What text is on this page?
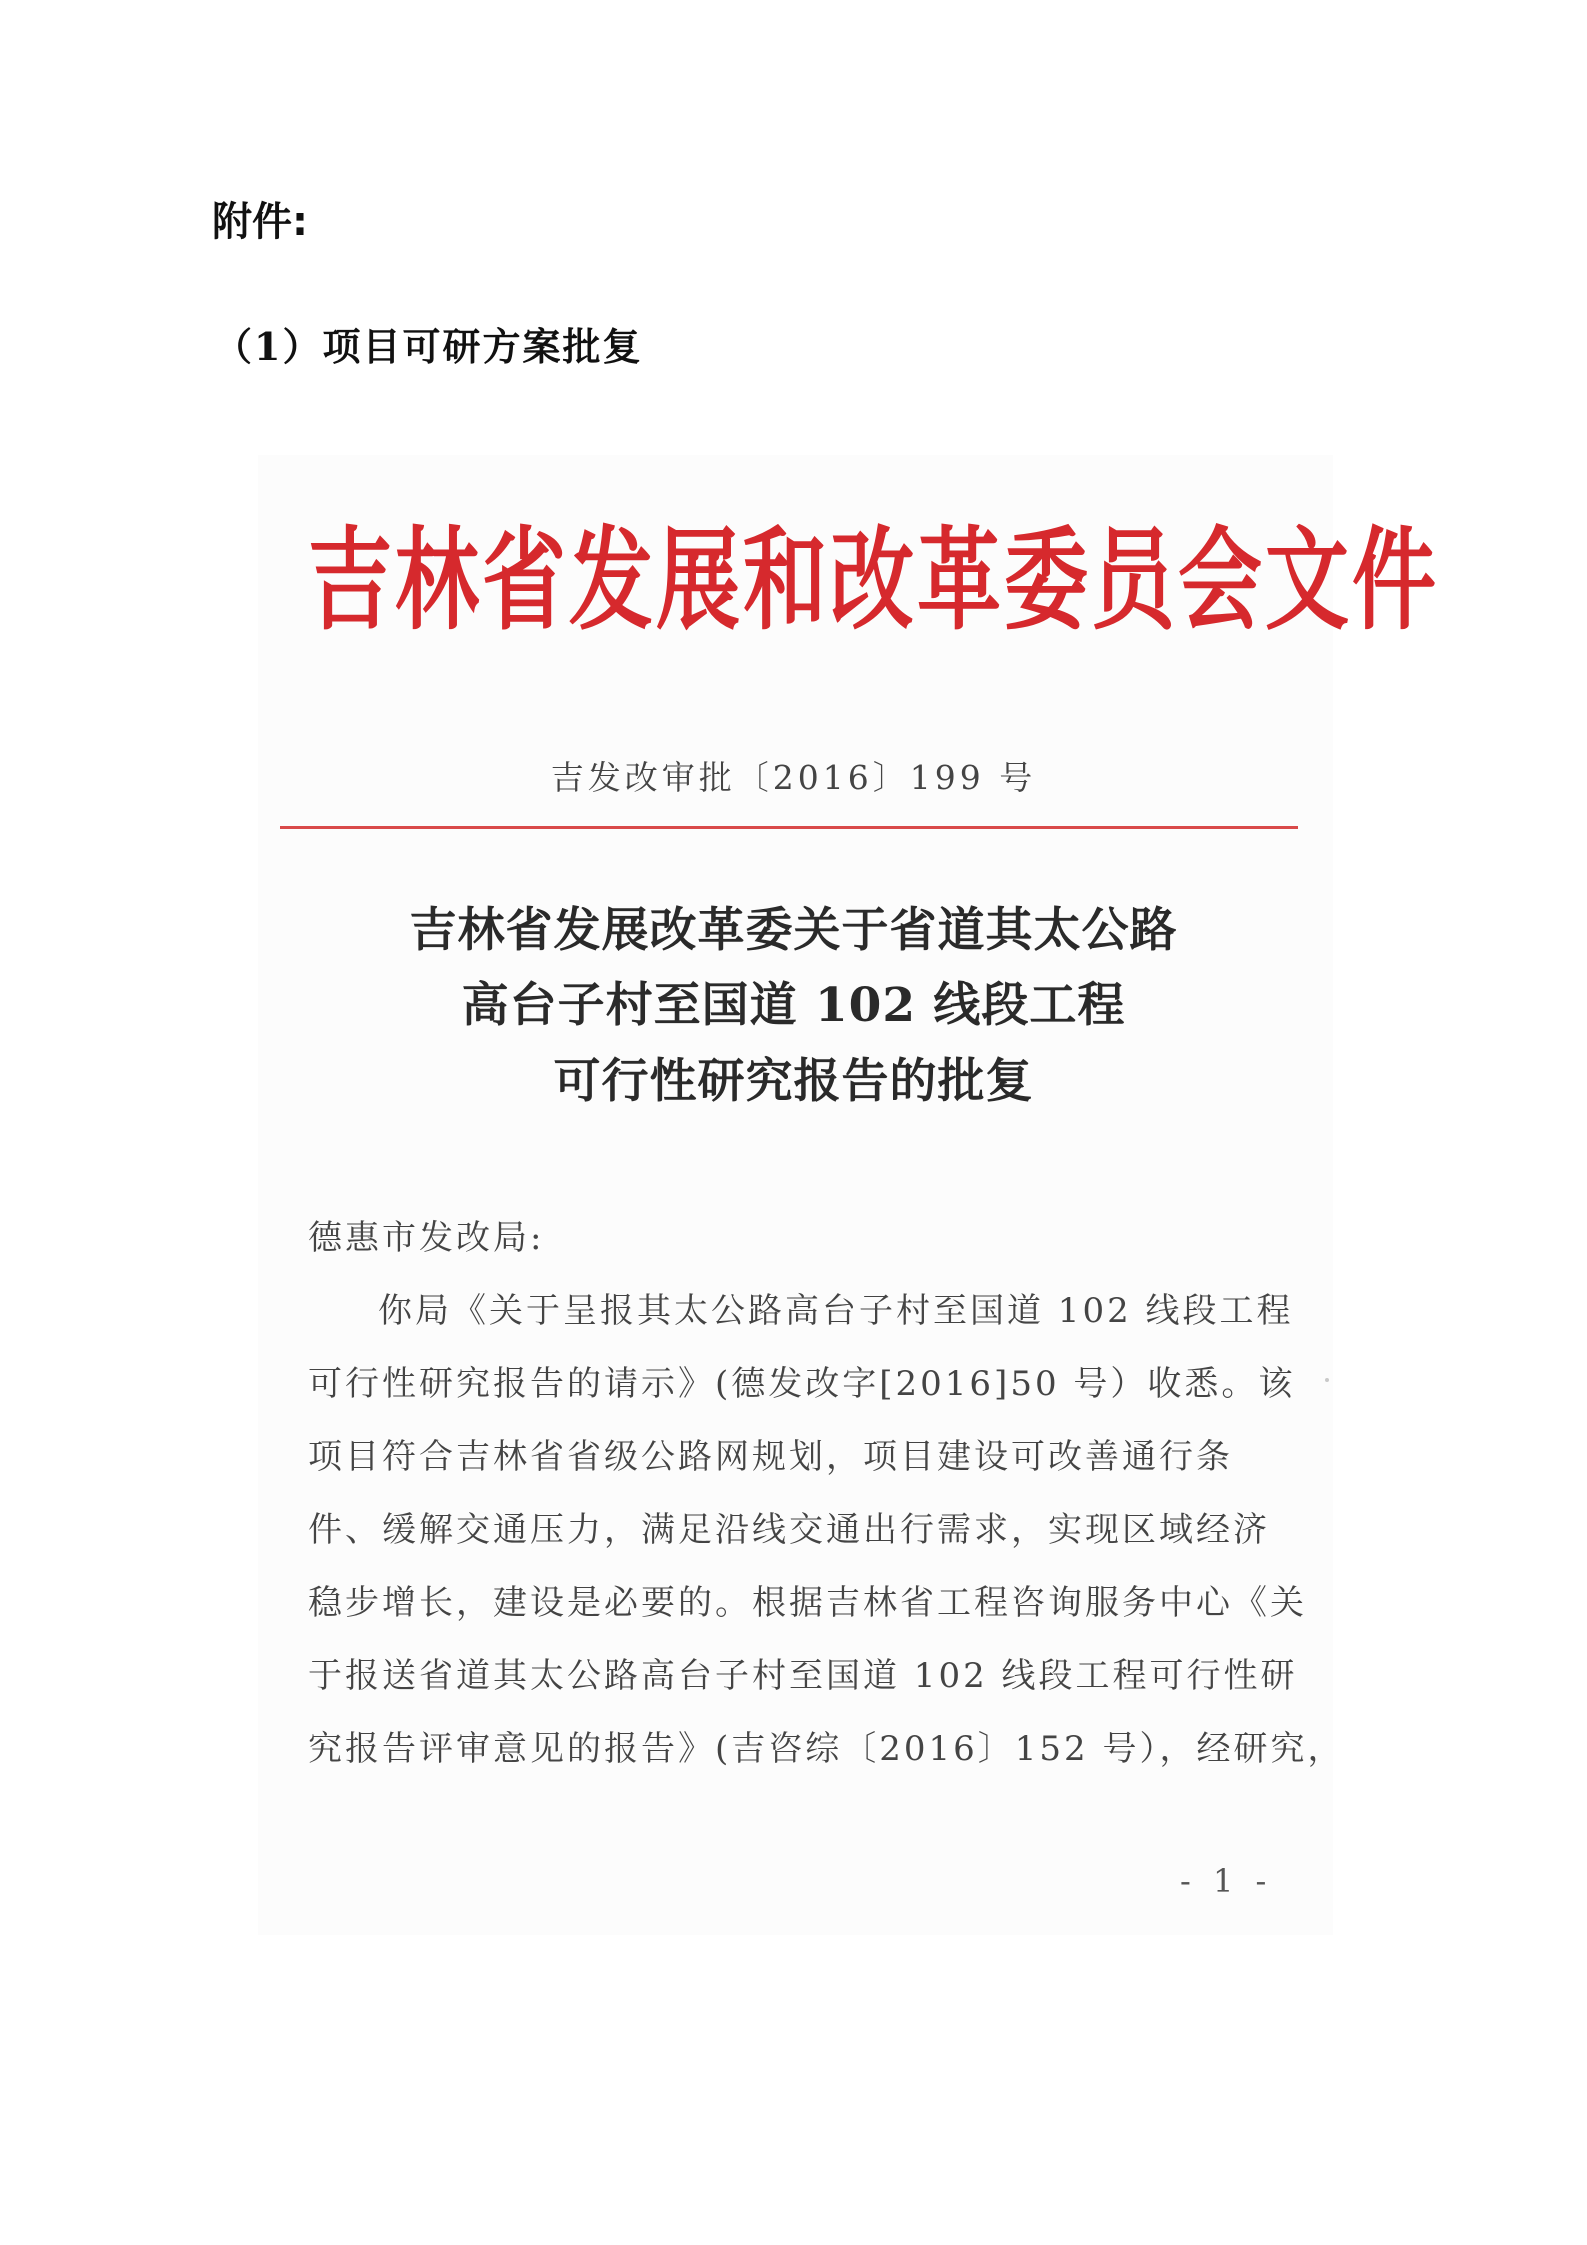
附件:
（1）项目可研方案批复
吉林省发展和改革委员会文件
吉发改审批〔2016〕199 号
吉林省发展改革委关于省道其太公路
高台子村至国道 102 线段工程
可行性研究报告的批复
德惠市发改局:
你局《关于呈报其太公路高台子村至国道 102 线段工程
可行性研究报告的请示》(德发改字[2016]50 号）收悉。该
项目符合吉林省省级公路网规划，项目建设可改善通行条
件、缓解交通压力，满足沿线交通出行需求，实现区域经济
稳步增长，建设是必要的。根据吉林省工程咨询服务中心《关
于报送省道其太公路高台子村至国道 102 线段工程可行性研
究报告评审意见的报告》(吉咨综〔2016〕152 号），经研究，
- 1 -
